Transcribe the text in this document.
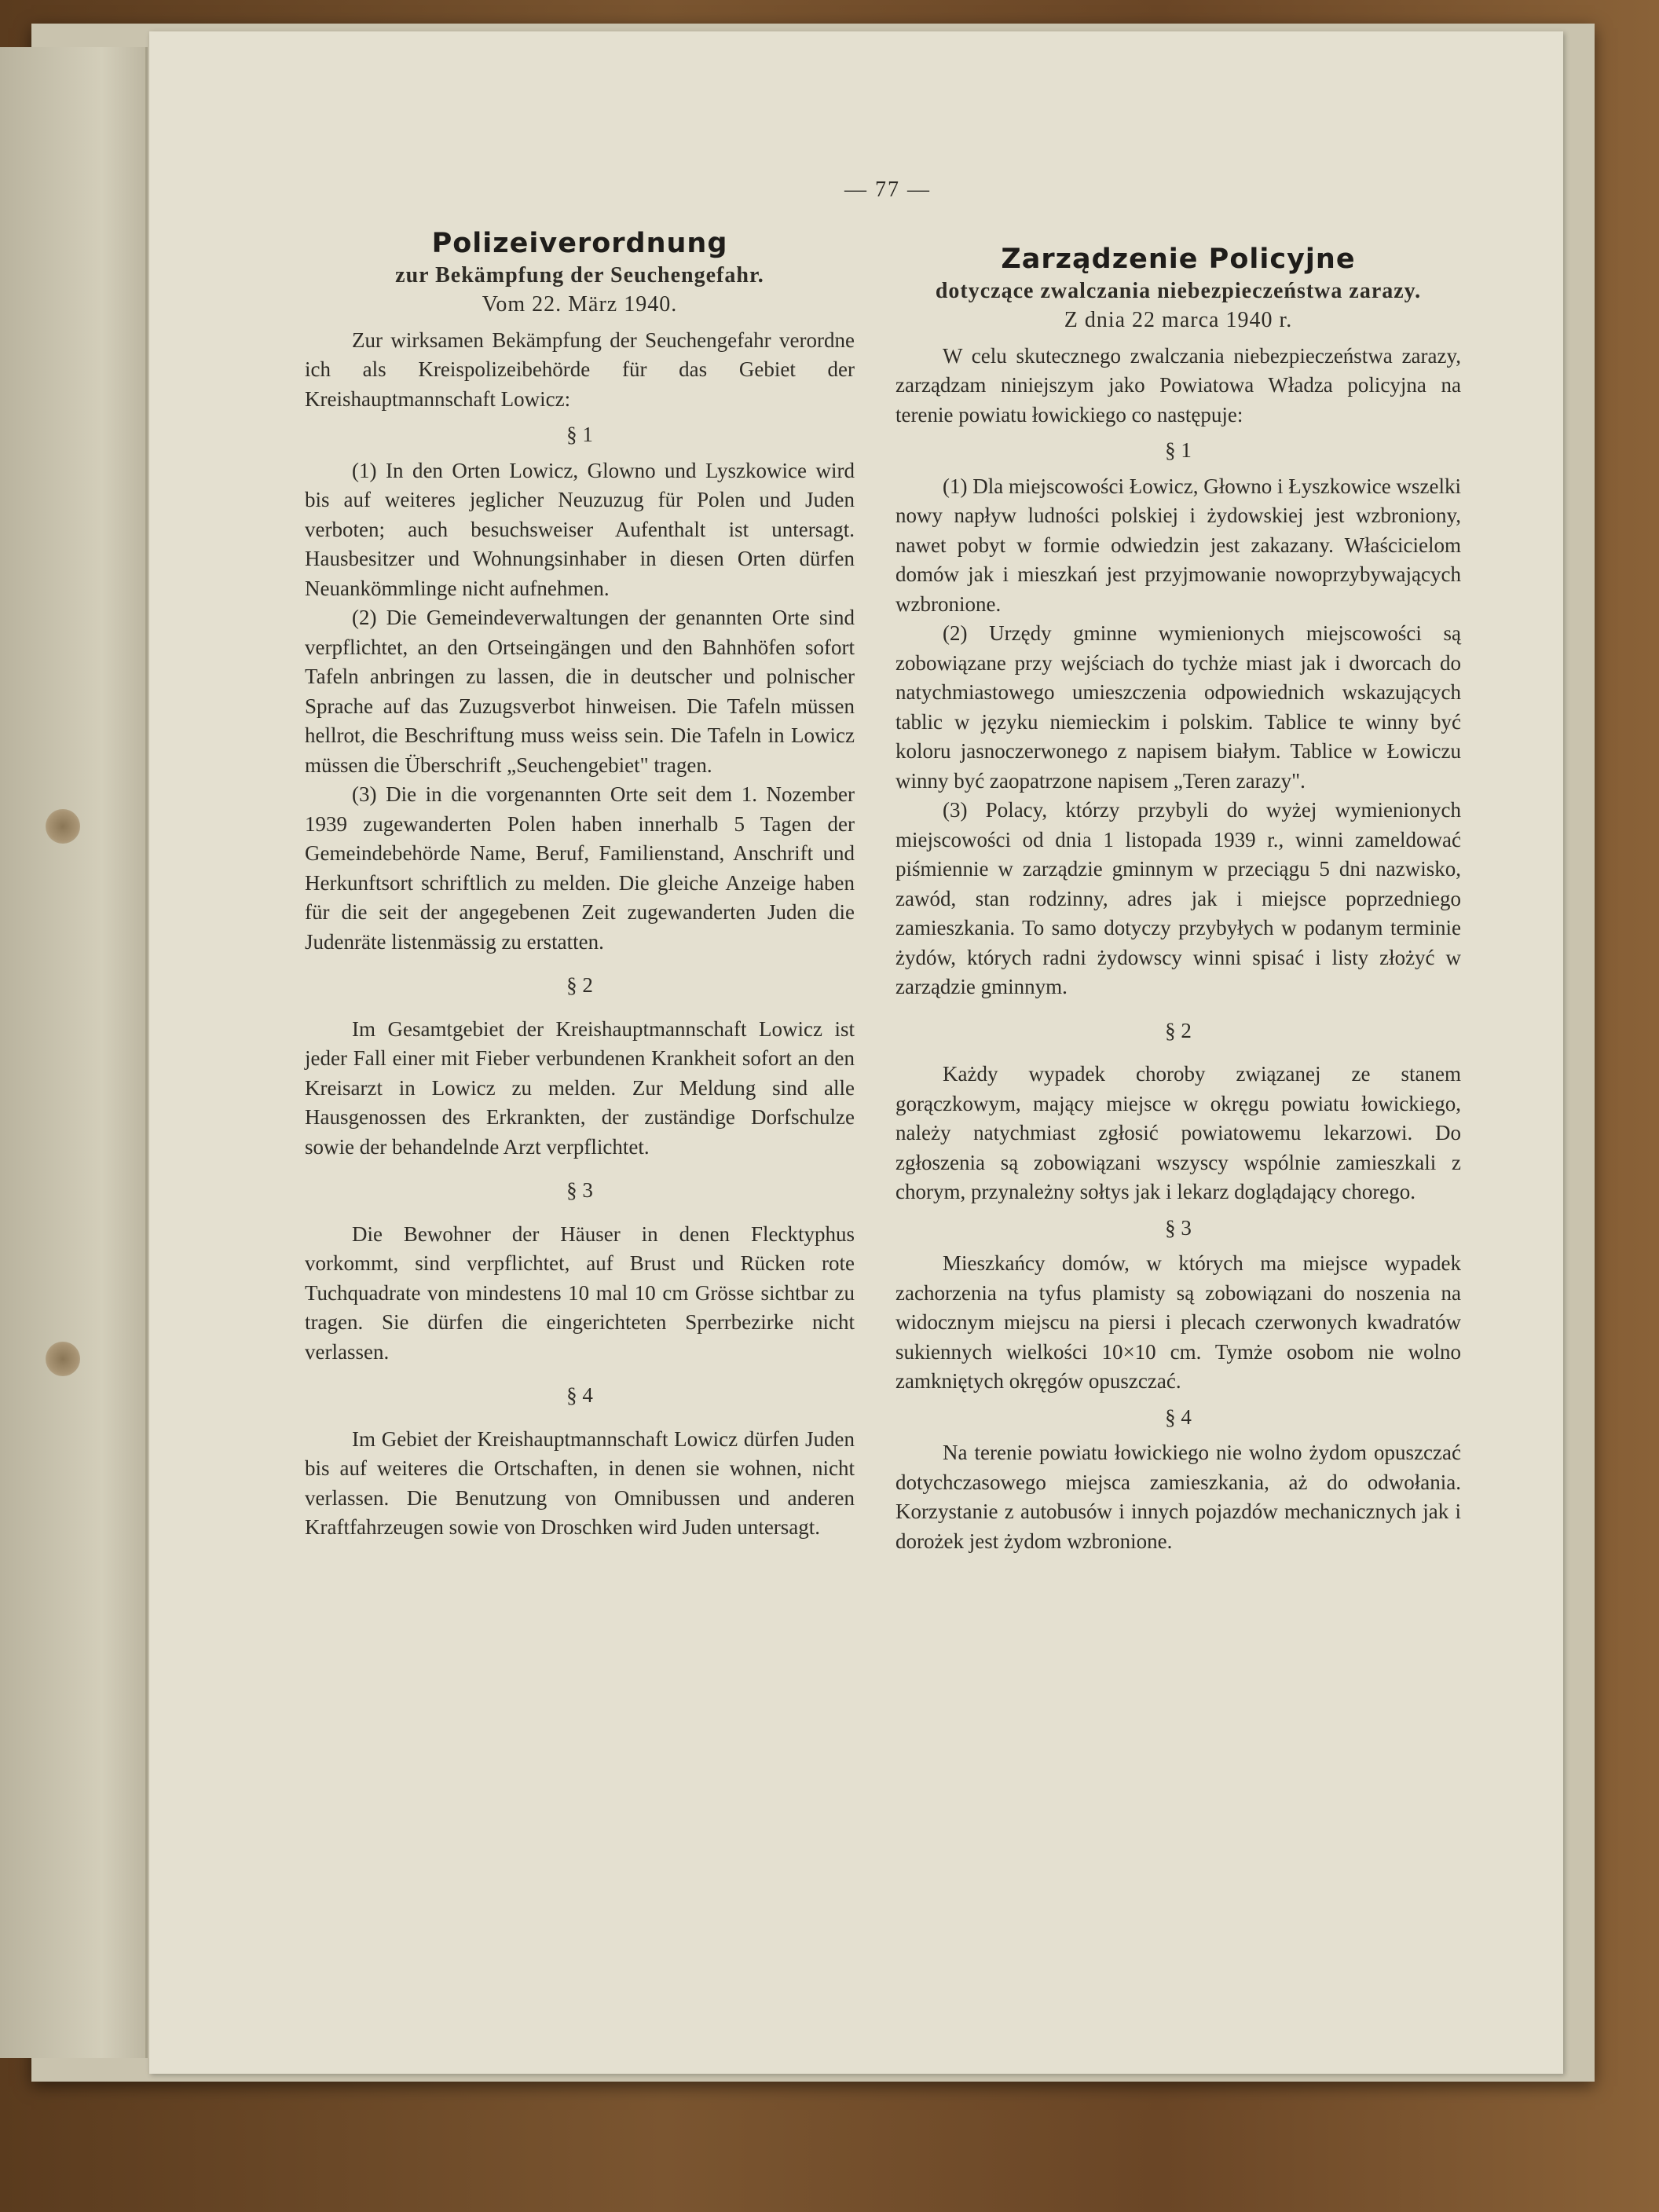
— 77 —
Polizeiverordnung
zur Bekämpfung der Seuchengefahr.
Vom 22. März 1940.

Zur wirksamen Bekämpfung der Seuchengefahr verordne ich als Kreispolizeibehörde für das Gebiet der Kreishauptmannschaft Lowicz:

§ 1

(1) In den Orten Lowicz, Glowno und Lyszkowice wird bis auf weiteres jeglicher Neuzuzug für Polen und Juden verboten; auch besuchsweiser Aufenthalt ist untersagt. Hausbesitzer und Wohnungsinhaber in diesen Orten dürfen Neuankömmlinge nicht aufnehmen.

(2) Die Gemeindeverwaltungen der genannten Orte sind verpflichtet, an den Ortseingängen und den Bahnhöfen sofort Tafeln anbringen zu lassen, die in deutscher und polnischer Sprache auf das Zuzugsverbot hinweisen. Die Tafeln müssen hellrot, die Beschriftung muss weiss sein. Die Tafeln in Lowicz müssen die Überschrift „Seuchengebiet" tragen.

(3) Die in die vorgenannten Orte seit dem 1. Nozember 1939 zugewanderten Polen haben innerhalb 5 Tagen der Gemeindebehörde Name, Beruf, Familienstand, Anschrift und Herkunftsort schriftlich zu melden. Die gleiche Anzeige haben für die seit der angegebenen Zeit zugewanderten Juden die Judenräte listenmässig zu erstatten.

§ 2

Im Gesamtgebiet der Kreishauptmannschaft Lowicz ist jeder Fall einer mit Fieber verbundenen Krankheit sofort an den Kreisarzt in Lowicz zu melden. Zur Meldung sind alle Hausgenossen des Erkrankten, der zuständige Dorfschulze sowie der behandelnde Arzt verpflichtet.

§ 3

Die Bewohner der Häuser in denen Flecktyphus vorkommt, sind verpflichtet, auf Brust und Rücken rote Tuchquadrate von mindestens 10 mal 10 cm Grösse sichtbar zu tragen. Sie dürfen die eingerichteten Sperrbezirke nicht verlassen.

§ 4

Im Gebiet der Kreishauptmannschaft Lowicz dürfen Juden bis auf weiteres die Ortschaften, in denen sie wohnen, nicht verlassen. Die Benutzung von Omnibussen und anderen Kraftfahrzeugen sowie von Droschken wird Juden untersagt.

Zarządzenie Policyjne
dotyczące zwalczania niebezpieczeństwa zarazy.
Z dnia 22 marca 1940 r.

W celu skutecznego zwalczania niebezpieczeństwa zarazy, zarządzam niniejszym jako Powiatowa Władza policyjna na terenie powiatu łowickiego co następuje:

§ 1

(1) Dla miejscowości Łowicz, Głowno i Łyszkowice wszelki nowy napływ ludności polskiej i żydowskiej jest wzbroniony, nawet pobyt w formie odwiedzin jest zakazany. Właścicielom domów jak i mieszkań jest przyjmowanie nowoprzybywających wzbronione.

(2) Urzędy gminne wymienionych miejscowości są zobowiązane przy wejściach do tychże miast jak i dworcach do natychmiastowego umieszczenia odpowiednich wskazujących tablic w języku niemieckim i polskim. Tablice te winny być koloru jasnoczerwonego z napisem białym. Tablice w Łowiczu winny być zaopatrzone napisem „Teren zarazy".

(3) Polacy, którzy przybyli do wyżej wymienionych miejscowości od dnia 1 listopada 1939 r., winni zameldować piśmiennie w zarządzie gminnym w przeciągu 5 dni nazwisko, zawód, stan rodzinny, adres jak i miejsce poprzedniego zamieszkania. To samo dotyczy przybyłych w podanym terminie żydów, których radni żydowscy winni spisać i listy złożyć w zarządzie gminnym.

§ 2

Każdy wypadek choroby związanej ze stanem gorączkowym, mający miejsce w okręgu powiatu łowickiego, należy natychmiast zgłosić powiatowemu lekarzowi. Do zgłoszenia są zobowiązani wszyscy wspólnie zamieszkali z chorym, przynależny sołtys jak i lekarz doglądający chorego.

§ 3

Mieszkańcy domów, w których ma miejsce wypadek zachorzenia na tyfus plamisty są zobowiązani do noszenia na widocznym miejscu na piersi i plecach czerwonych kwadratów sukiennych wielkości 10×10 cm. Tymże osobom nie wolno zamkniętych okręgów opuszczać.

§ 4

Na terenie powiatu łowickiego nie wolno żydom opuszczać dotychczasowego miejsca zamieszkania, aż do odwołania. Korzystanie z autobusów i innych pojazdów mechanicznych jak i dorożek jest żydom wzbronione.
